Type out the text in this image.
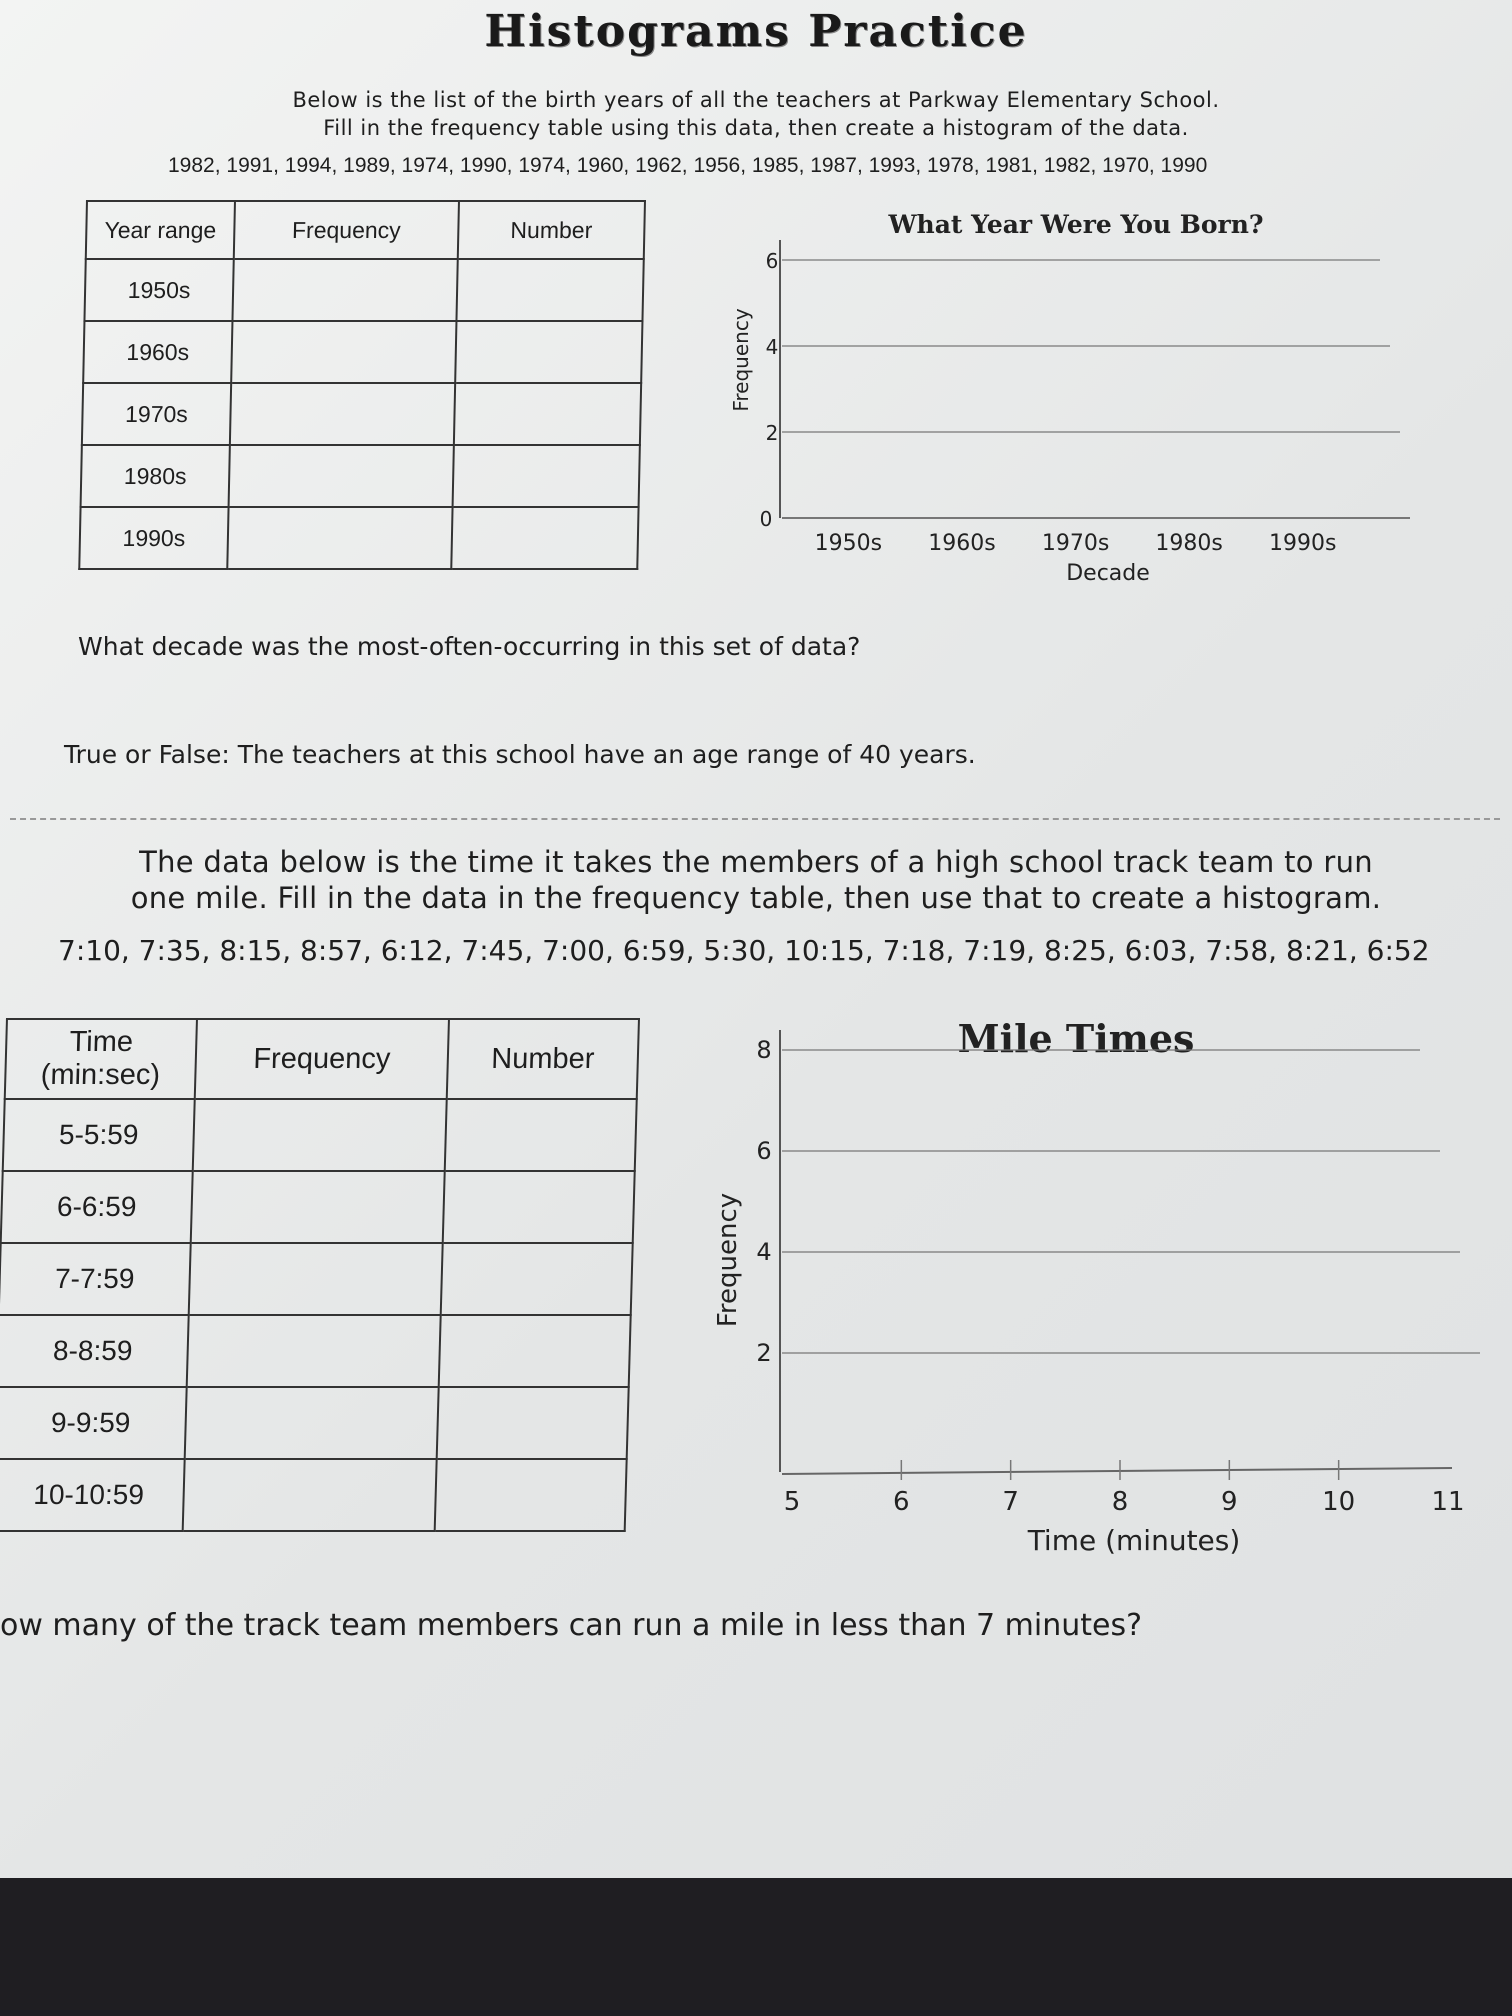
Histograms Practice
Below is the list of the birth years of all the teachers at Parkway Elementary School.
Fill in the frequency table using this data, then create a histogram of the data.
1982, 1991, 1994, 1989, 1974, 1990, 1974, 1960, 1962, 1956, 1985, 1987, 1993, 1978, 1981, 1982, 1970, 1990
Year range	Frequency	Number
1950s		
1960s		
1970s		
1980s		
1990s		
What Year Were You Born?
Frequency
0
2
4
6
1950s 1960s 1970s 1980s 1990s
Decade
What decade was the most-often-occurring in this set of data?
True or False: The teachers at this school have an age range of 40 years.
The data below is the time it takes the members of a high school track team to run
one mile. Fill in the data in the frequency table, then use that to create a histogram.
7:10, 7:35, 8:15, 8:57, 6:12, 7:45, 7:00, 6:59, 5:30, 10:15, 7:18, 7:19, 8:25, 6:03, 7:58, 8:21, 6:52
Time
(min:sec)	Frequency	Number
5-5:59		
6-6:59		
7-7:59		
8-8:59		
9-9:59		
10-10:59		
Mile Times
Frequency
2
4
6
8
5	6	7	8	9	10	11
Time (minutes)
ow many of the track team members can run a mile in less than 7 minutes?
